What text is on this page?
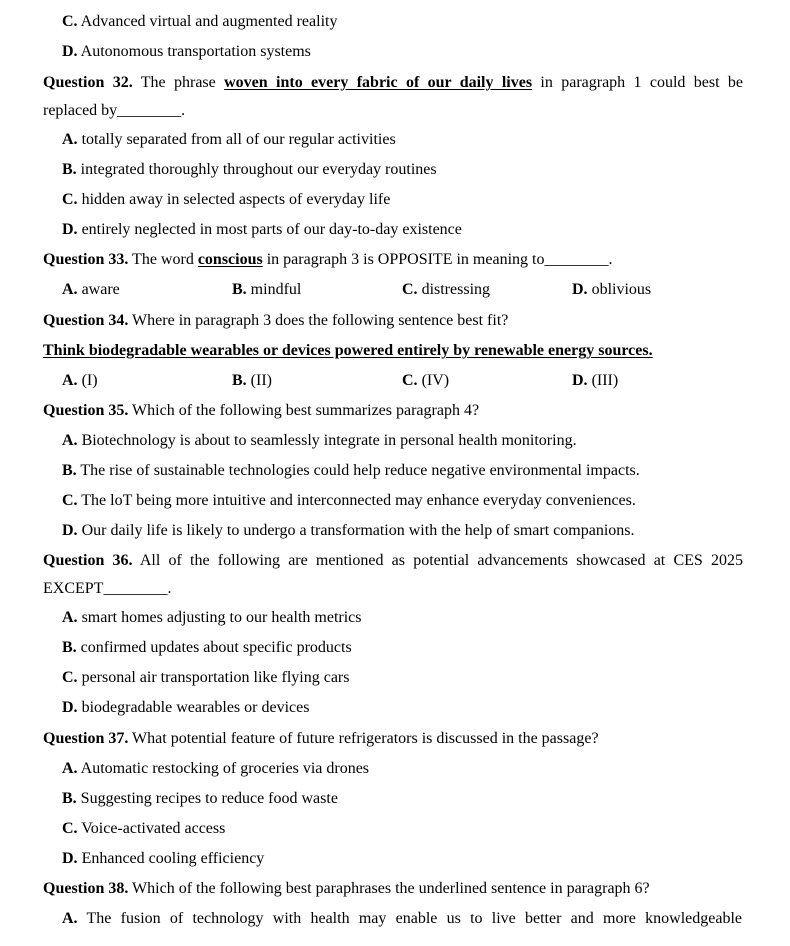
C. Advanced virtual and augmented reality
D. Autonomous transportation systems
Question 32. The phrase woven into every fabric of our daily lives in paragraph 1 could best be
replaced by________.
A. totally separated from all of our regular activities
B. integrated thoroughly throughout our everyday routines
C. hidden away in selected aspects of everyday life
D. entirely neglected in most parts of our day-to-day existence
Question 33. The word conscious in paragraph 3 is OPPOSITE in meaning to________.
A. aware	B. mindful	C. distressing	D. oblivious
Question 34. Where in paragraph 3 does the following sentence best fit?
Think biodegradable wearables or devices powered entirely by renewable energy sources.
A. (I)	B. (II)	C. (IV)	D. (III)
Question 35. Which of the following best summarizes paragraph 4?
A. Biotechnology is about to seamlessly integrate in personal health monitoring.
B. The rise of sustainable technologies could help reduce negative environmental impacts.
C. The loT being more intuitive and interconnected may enhance everyday conveniences.
D. Our daily life is likely to undergo a transformation with the help of smart companions.
Question 36. All of the following are mentioned as potential advancements showcased at CES 2025
EXCEPT________.
A. smart homes adjusting to our health metrics
B. confirmed updates about specific products
C. personal air transportation like flying cars
D. biodegradable wearables or devices
Question 37. What potential feature of future refrigerators is discussed in the passage?
A. Automatic restocking of groceries via drones
B. Suggesting recipes to reduce food waste
C. Voice-activated access
D. Enhanced cooling efficiency
Question 38. Which of the following best paraphrases the underlined sentence in paragraph 6?
A. The fusion of technology with health may enable us to live better and more knowledgeable
